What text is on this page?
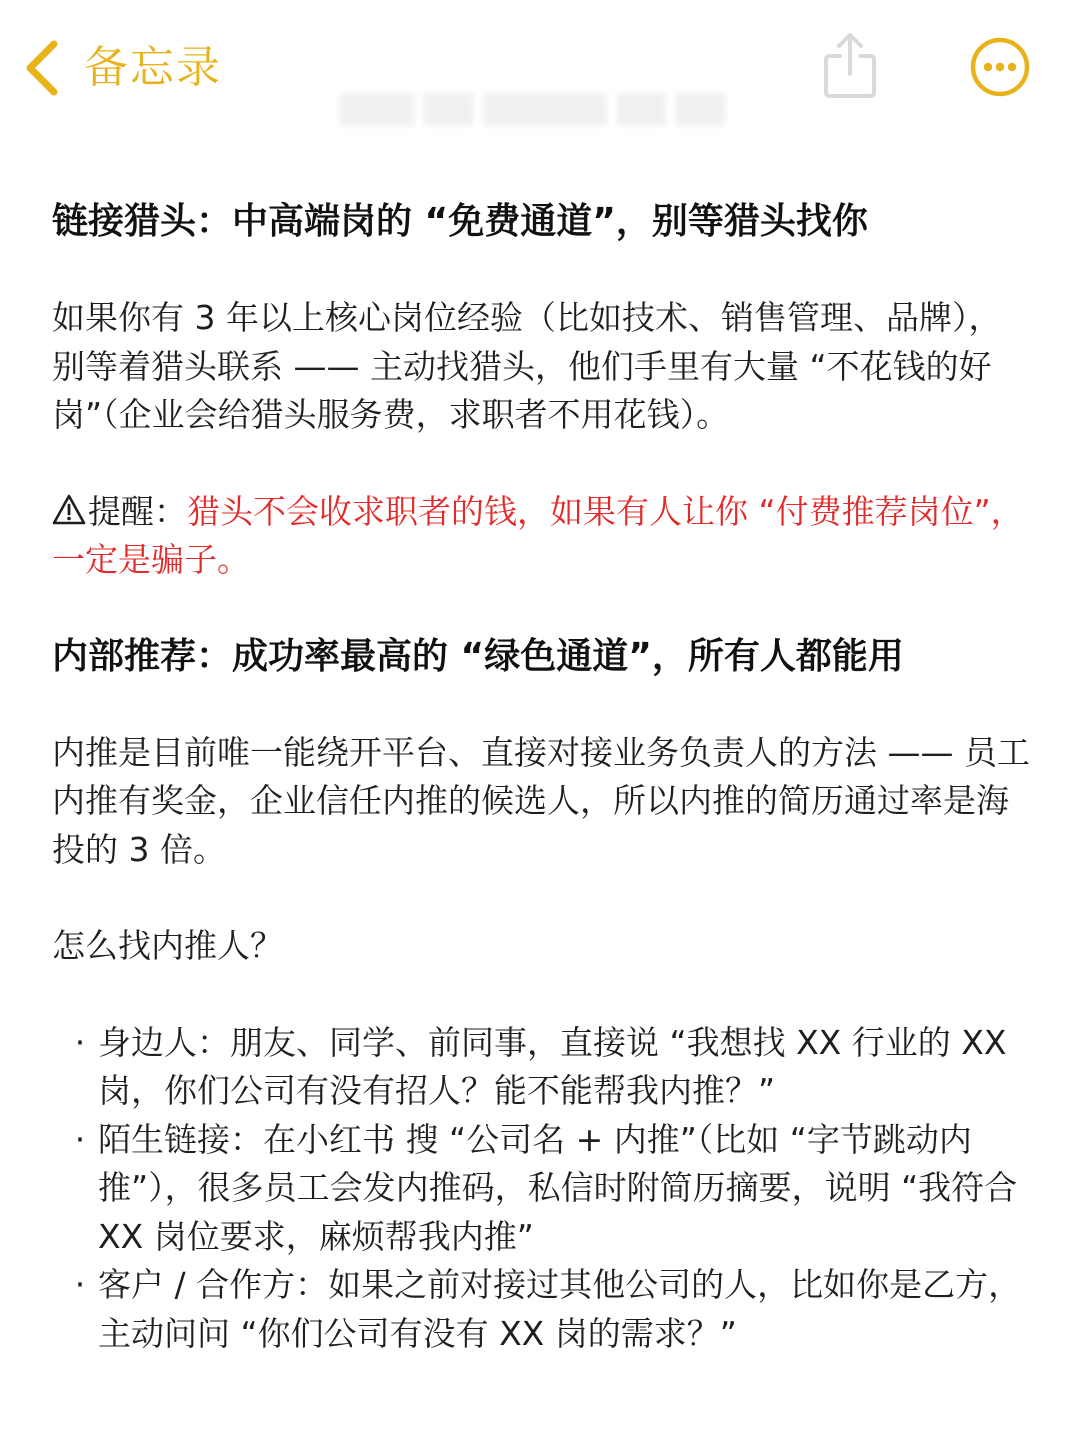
备忘录
▇▇▇ ▇▇ ▇▇▇▇▇ ▇▇ ▇▇
链接猎头：中高端岗的 “免费通道”，别等猎头找你

如果你有 3 年以上核心岗位经验（比如技术、销售管理、品牌），别等着猎头联系 —— 主动找猎头，他们手里有大量 “不花钱的好岗”（企业会给猎头服务费，求职者不用花钱）。

提醒：猎头不会收求职者的钱，如果有人让你 “付费推荐岗位”，一定是骗子。

内部推荐：成功率最高的 “绿色通道”，所有人都能用

内推是目前唯一能绕开平台、直接对接业务负责人的方法 —— 员工内推有奖金，企业信任内推的候选人，所以内推的简历通过率是海投的 3 倍。

怎么找内推人？

· 身边人：朋友、同学、前同事，直接说 “我想找 XX 行业的 XX 岗，你们公司有没有招人？能不能帮我内推？”
· 陌生链接：在小红书 搜 “公司名 + 内推”（比如 “字节跳动内推”），很多员工会发内推码，私信时附简历摘要，说明 “我符合 XX 岗位要求，麻烦帮我内推”
· 客户 / 合作方：如果之前对接过其他公司的人，比如你是乙方，主动问问 “你们公司有没有 XX 岗的需求？”
